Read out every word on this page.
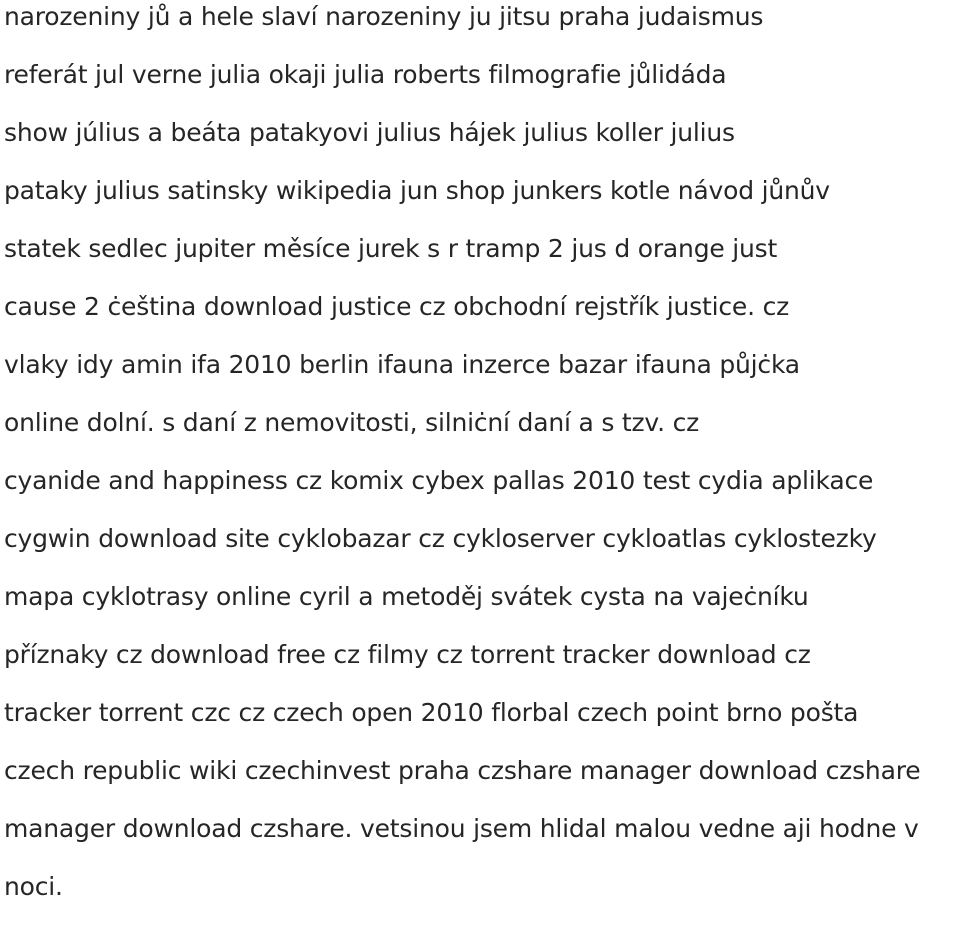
narozeniny jů a hele slaví narozeniny ju jitsu praha judaismus
referát jul verne julia okaji julia roberts filmografie jůlidáda
show július a beáta patakyovi julius hájek julius koller julius
pataky julius satinsky wikipedia jun shop junkers kotle návod jůnův
statek sedlec jupiter měsíce jurek s r tramp 2 jus d orange just
cause 2 ċeština download justice cz obchodní rejstřík justice. cz
vlaky idy amin ifa 2010 berlin ifauna inzerce bazar ifauna půjċka
online dolní. s daní z nemovitosti, silniċní daní a s tzv. cz
cyanide and happiness cz komix cybex pallas 2010 test cydia aplikace
cygwin download site cyklobazar cz cykloserver cykloatlas cyklostezky
mapa cyklotrasy online cyril a metoděj svátek cysta na vajeċníku
příznaky cz download free cz filmy cz torrent tracker download cz
tracker torrent czc cz czech open 2010 florbal czech point brno pošta
czech republic wiki czechinvest praha czshare manager download czshare
manager download czshare. vetsinou jsem hlidal malou vedne aji hodne v
noci.
